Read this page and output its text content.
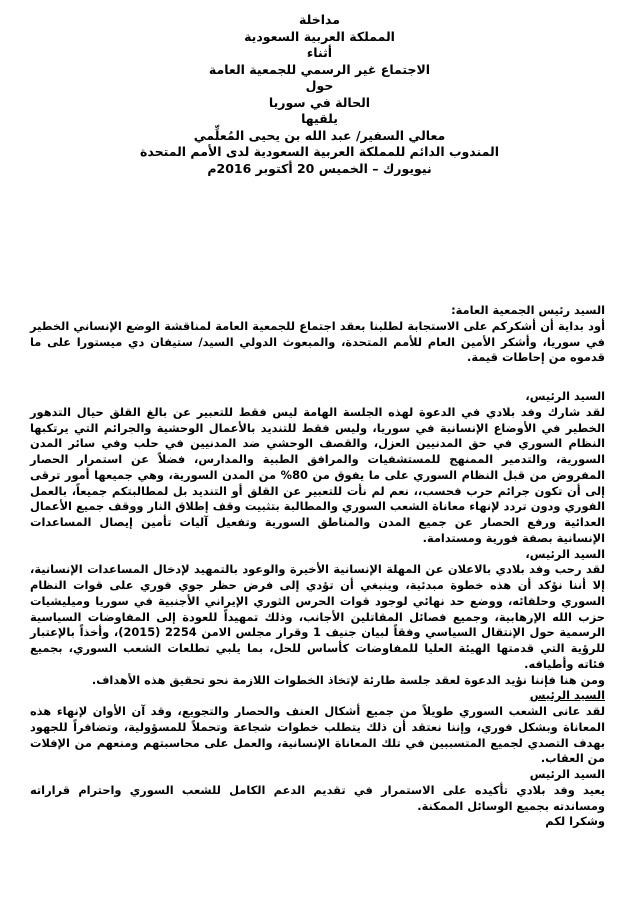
مداخلة
المملكة العربية السعودية
أثناء
الاجتماع غير الرسمي للجمعية العامة
حول
الحالة في سوريا
يلقيها
معالي السفير/ عبد الله بن يحيى المُعلِّمي
المندوب الدائم للمملكة العربية السعودية لدى الأمم المتحدة
نيويورك – الخميس 20 أكتوبر 2016م
السيد رئيس الجمعية العامة:

أود بداية أن أشكركم على الاستجابة لطلبنا بعقد اجتماع للجمعية العامة لمناقشة الوضع الإنساني الخطير في سوريا، وأشكر الأمين العام للأمم المتحدة، والمبعوث الدولي السيد/ ستيفان دي ميستورا على ما قدموه من إحاطات قيمة.

السيد الرئيس،

لقد شارك وفد بلادي في الدعوة لهذه الجلسة الهامة ليس فقط للتعبير عن بالغ القلق حيال التدهور الخطير في الأوضاع الإنسانية في سوريا، وليس فقط للتنديد بالأعمال الوحشية والجرائم التي يرتكبها النظام السوري في حق المدنيين العزل، والقصف الوحشي ضد المدنيين في حلب وفي سائر المدن السورية، والتدمير الممنهج للمستشفيات والمرافق الطبية والمدارس، فضلاً عن استمرار الحصار المفروض من قبل النظام السوري على ما يفوق من 80% من المدن السورية، وهي جميعها أمور ترقى إلى أن تكون جرائم حرب فحسب،، نعم لم نأت للتعبير عن القلق أو التنديد بل لمطالبتكم جميعاً، بالعمل الفوري ودون تردد لإنهاء معاناة الشعب السوري والمطالبة بتثبيت وقف إطلاق النار ووقف جميع الأعمال العدائية ورفع الحصار عن جميع المدن والمناطق السورية وتفعيل آليات تأمين إيصال المساعدات الإنسانية بصفة فورية ومستدامة.

السيد الرئيس،

لقد رحب وفد بلادي بالاعلان عن المهلة الإنسانية الأخيرة والوعود بالتمهيد لإدخال المساعدات الإنسانية، إلا أننا نؤكد أن هذه خطوة مبدئية، وينبغي أن تؤدي إلى فرض حظر جوي فوري على قوات النظام السوري وحلفائه، ووضع حد نهائي لوجود قوات الحرس الثوري الإيراني الأجنبية في سوريا وميليشيات حزب الله الإرهابية، وجميع فصائل المقاتلين الأجانب، وذلك تمهيداً للعودة إلى المفاوضات السياسية الرسمية حول الإنتقال السياسي وفقاً لبيان جنيف 1 وقرار مجلس الامن 2254 (2015)، وأخذاً بالإعتبار للرؤية التي قدمتها الهيئة العليا للمفاوضات كأساس للحل، بما يلبي تطلعات الشعب السوري، بجميع فئاته وأطيافه.

ومن هنا فإننا نؤيد الدعوة لعقد جلسة طارئة لإتخاذ الخطوات اللازمة نحو تحقيق هذه الأهداف.

السيد الرئيس

لقد عانى الشعب السوري طويلاً من جميع أشكال العنف والحصار والتجويع، وقد آن الأوان لإنهاء هذه المعاناة وبشكل فوري، وإننا نعتقد أن ذلك يتطلب خطوات شجاعة وتحملاً للمسؤولية، وتضافراً للجهود بهدف التصدي لجميع المتسببين في تلك المعاناة الإنسانية، والعمل على محاسبتهم ومنعهم من الإفلات من العقاب.

السيد الرئيس

يعيد وفد بلادي تأكيده على الاستمرار في تقديم الدعم الكامل للشعب السوري واحترام قراراته ومساندته بجميع الوسائل الممكنة.

وشكرا لكم
